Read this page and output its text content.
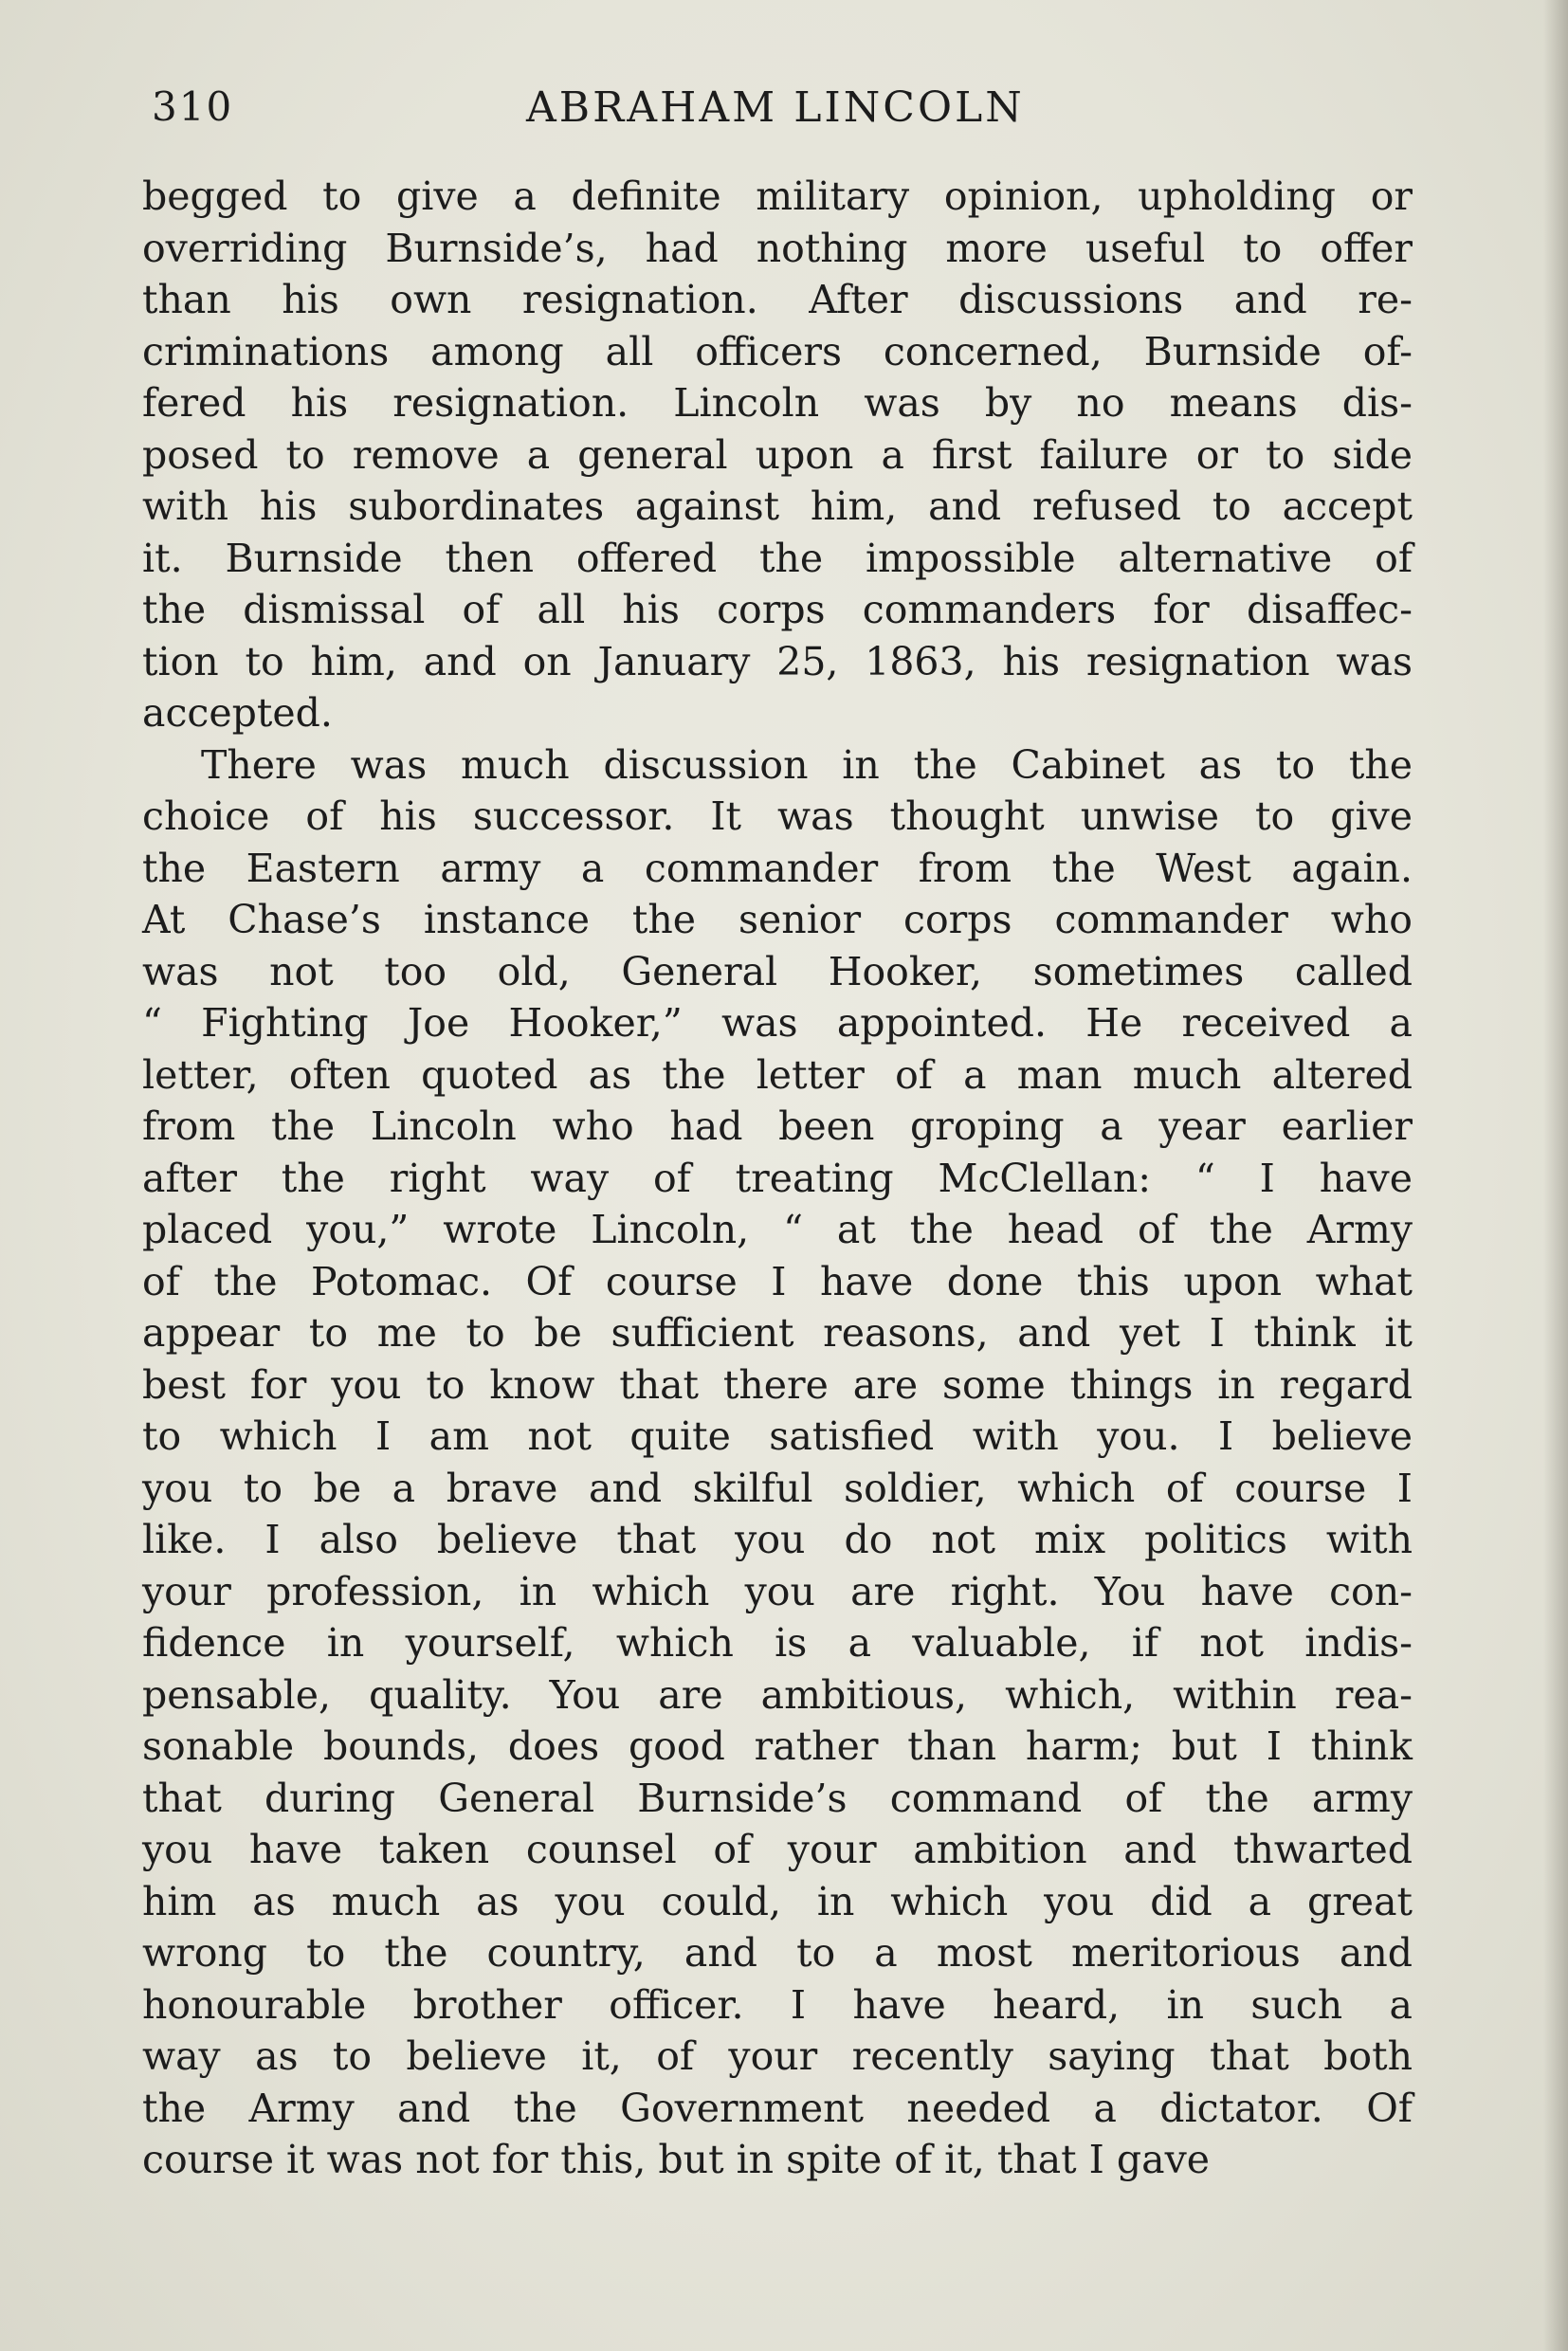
310	ABRAHAM LINCOLN
begged to give a definite military opinion, upholding or
overriding Burnside’s, had nothing more useful to offer
than his own resignation. After discussions and re-
criminations among all officers concerned, Burnside of-
fered his resignation. Lincoln was by no means dis-
posed to remove a general upon a first failure or to side
with his subordinates against him, and refused to accept
it. Burnside then offered the impossible alternative of
the dismissal of all his corps commanders for disaffec-
tion to him, and on January 25, 1863, his resignation was
accepted.
There was much discussion in the Cabinet as to the
choice of his successor. It was thought unwise to give
the Eastern army a commander from the West again.
At Chase’s instance the senior corps commander who
was not too old, General Hooker, sometimes called
“ Fighting Joe Hooker,” was appointed. He received a
letter, often quoted as the letter of a man much altered
from the Lincoln who had been groping a year earlier
after the right way of treating McClellan: “ I have
placed you,” wrote Lincoln, “ at the head of the Army
of the Potomac. Of course I have done this upon what
appear to me to be sufficient reasons, and yet I think it
best for you to know that there are some things in regard
to which I am not quite satisfied with you. I believe
you to be a brave and skilful soldier, which of course I
like. I also believe that you do not mix politics with
your profession, in which you are right. You have con-
fidence in yourself, which is a valuable, if not indis-
pensable, quality. You are ambitious, which, within rea-
sonable bounds, does good rather than harm; but I think
that during General Burnside’s command of the army
you have taken counsel of your ambition and thwarted
him as much as you could, in which you did a great
wrong to the country, and to a most meritorious and
honourable brother officer. I have heard, in such a
way as to believe it, of your recently saying that both
the Army and the Government needed a dictator. Of
course it was not for this, but in spite of it, that I gave
